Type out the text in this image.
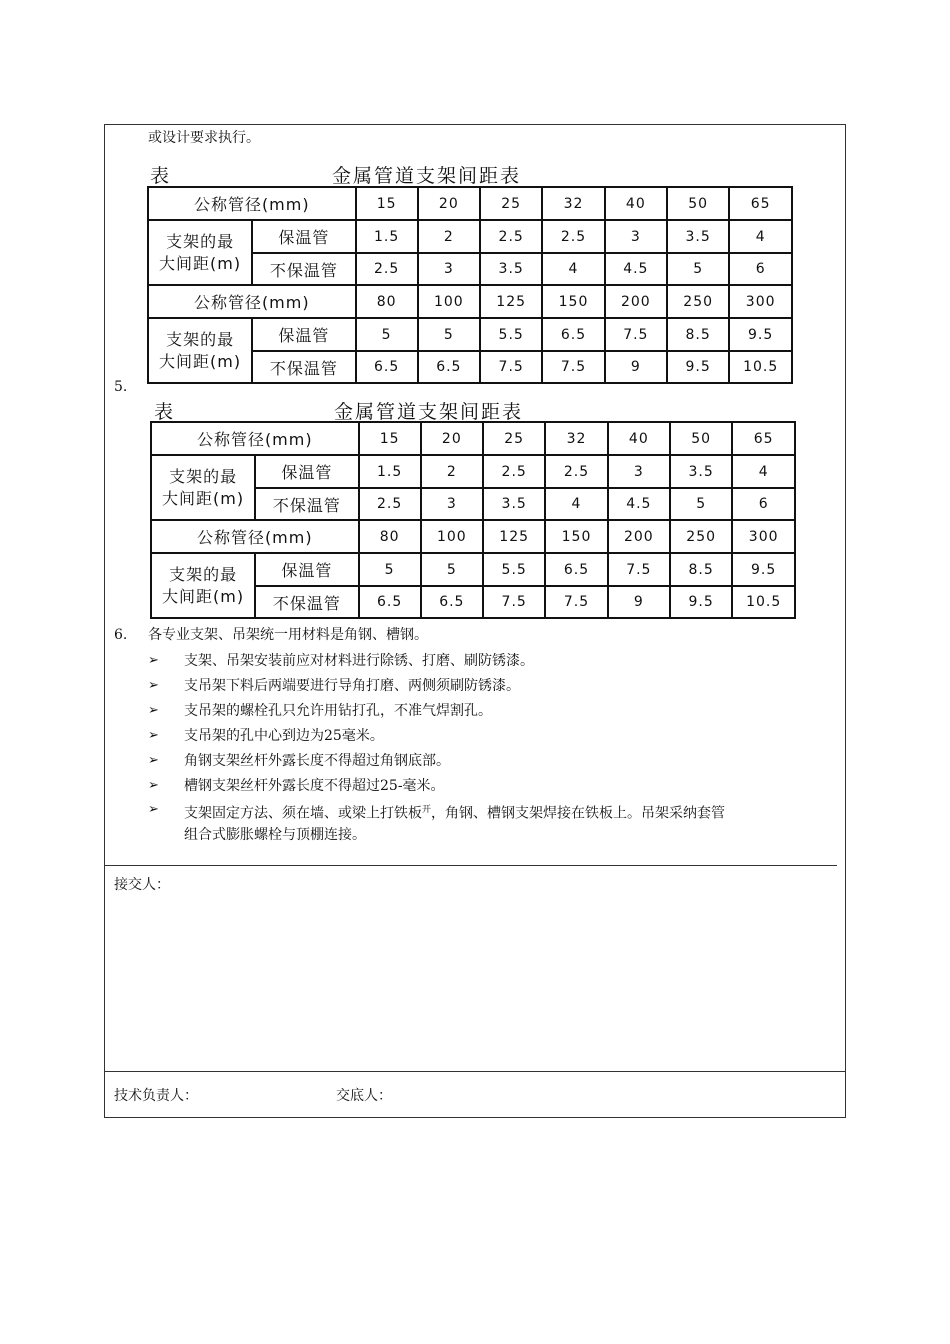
或设计要求执行。
表	金属管道支架间距表
公称管径(mm)		15	20	25	32	40	50	65

支架的最
大间距(m)	保温管	1.5	2	2.5	2.5	3	3.5	4
	不保温管	2.5	3	3.5	4	4.5	5	6
公称管径(mm)		80	100	125	150	200	250	300

支架的最
大间距(m)	保温管	5	5	5.5	6.5	7.5	8.5	9.5
	不保温管	6.5	6.5	7.5	7.5	9	9.5	10.5
5.
表	金属管道支架间距表
公称管径(mm)		15	20	25	32	40	50	65

支架的最
大间距(m)	保温管	1.5	2	2.5	2.5	3	3.5	4
	不保温管	2.5	3	3.5	4	4.5	5	6
公称管径(mm)		80	100	125	150	200	250	300

支架的最
大间距(m)	保温管	5	5	5.5	6.5	7.5	8.5	9.5
	不保温管	6.5	6.5	7.5	7.5	9	9.5	10.5
6. 各专业支架、吊架统一用材料是角钢、槽钢。
➢ 支架、吊架安装前应对材料进行除锈、打磨、刷防锈漆。
➢ 支吊架下料后两端要进行导角打磨、两侧须刷防锈漆。
➢ 支吊架的螺栓孔只允许用钻打孔，不准气焊割孔。
➢ 支吊架的孔中心到边为25毫米。
➢ 角钢支架丝杆外露长度不得超过角钢底部。
➢ 槽钢支架丝杆外露长度不得超过25-毫米。
➢ 支架固定方法、须在墙、或梁上打铁板$^开$，角钢、槽钢支架焊接在铁板上。吊架采纳套管
组合式膨胀螺栓与顶棚连接。
接交人：
技术负责人：	交底人：
